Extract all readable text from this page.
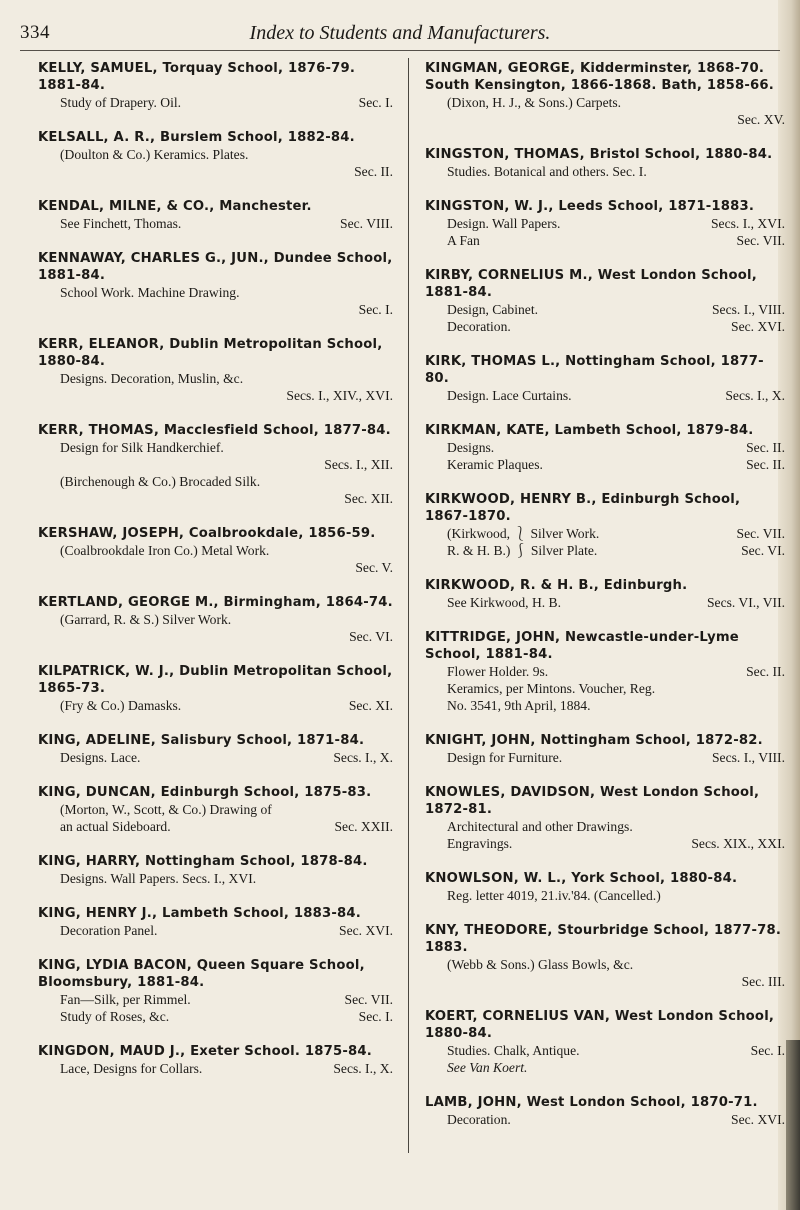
334	Index to Students and Manufacturers.
KELLY, SAMUEL, Torquay School, 1876-79. 1881-84.
Study of Drapery. Oil.	Sec. I.
KELSALL, A. R., Burslem School, 1882-84.
(Doulton & Co.) Keramics. Plates.
Sec. II.
KENDAL, MILNE, & CO., Manchester.
See Finchett, Thomas.	Sec. VIII.
KENNAWAY, CHARLES G., JUN., Dundee School, 1881-84.
School Work. Machine Drawing.
Sec. I.
KERR, ELEANOR, Dublin Metropolitan School, 1880-84.
Designs. Decoration, Muslin, &c.
Secs. I., XIV., XVI.
KERR, THOMAS, Macclesfield School, 1877-84.
Design for Silk Handkerchief.
Secs. I., XII.
(Birchenough & Co.) Brocaded Silk.
Sec. XII.
KERSHAW, JOSEPH, Coalbrookdale, 1856-59.
(Coalbrookdale Iron Co.) Metal Work.
Sec. V.
KERTLAND, GEORGE M., Birmingham, 1864-74.
(Garrard, R. & S.) Silver Work.
Sec. VI.
KILPATRICK, W. J., Dublin Metropolitan School, 1865-73.
(Fry & Co.) Damasks.	Sec. XI.
KING, ADELINE, Salisbury School, 1871-84.
Designs. Lace.	Secs. I., X.
KING, DUNCAN, Edinburgh School, 1875-83.
(Morton, W., Scott, & Co.) Drawing of
an actual Sideboard.	Sec. XXII.
KING, HARRY, Nottingham School, 1878-84.
Designs. Wall Papers. Secs. I., XVI.
KING, HENRY J., Lambeth School, 1883-84.
Decoration Panel.	Sec. XVI.
KING, LYDIA BACON, Queen Square School, Bloomsbury, 1881-84.
Fan—Silk, per Rimmel.	Sec. VII.
Study of Roses, &c.	Sec. I.
KINGDON, MAUD J., Exeter School. 1875-84.
Lace, Designs for Collars.	Secs. I., X.
KINGMAN, GEORGE, Kidderminster, 1868-70. South Kensington, 1866-1868. Bath, 1858-66.
(Dixon, H. J., & Sons.) Carpets.
Sec. XV.
KINGSTON, THOMAS, Bristol School, 1880-84.
Studies. Botanical and others. Sec. I.
KINGSTON, W. J., Leeds School, 1871-1883.
Design. Wall Papers.	Secs. I., XVI.
A Fan	Sec. VII.
KIRBY, CORNELIUS M., West London School, 1881-84.
Design, Cabinet.	Secs. I., VIII.
Decoration.	Sec. XVI.
KIRK, THOMAS L., Nottingham School, 1877-80.
Design. Lace Curtains.	Secs. I., X.
KIRKMAN, KATE, Lambeth School, 1879-84.
Designs.	Sec. II.
Keramic Plaques.	Sec. II.
KIRKWOOD, HENRY B., Edinburgh School, 1867-1870.
(Kirkwood, ⎱ Silver Work.	Sec. VII.
R. & H. B.) ⎰ Silver Plate.	Sec. VI.
KIRKWOOD, R. & H. B., Edinburgh.
See Kirkwood, H. B.	Secs. VI., VII.
KITTRIDGE, JOHN, Newcastle-under-Lyme School, 1881-84.
Flower Holder. 9s.	Sec. II.
Keramics, per Mintons. Voucher, Reg.
No. 3541, 9th April, 1884.
KNIGHT, JOHN, Nottingham School, 1872-82.
Design for Furniture.	Secs. I., VIII.
KNOWLES, DAVIDSON, West London School, 1872-81.
Architectural and other Drawings.
Engravings.	Secs. XIX., XXI.
KNOWLSON, W. L., York School, 1880-84.
Reg. letter 4019, 21.iv.'84. (Cancelled.)
KNY, THEODORE, Stourbridge School, 1877-78. 1883.
(Webb & Sons.) Glass Bowls, &c.
Sec. III.
KOERT, CORNELIUS VAN, West London School, 1880-84.
Studies. Chalk, Antique.	Sec. I.
See Van Koert.
LAMB, JOHN, West London School, 1870-71.
Decoration.	Sec. XVI.
